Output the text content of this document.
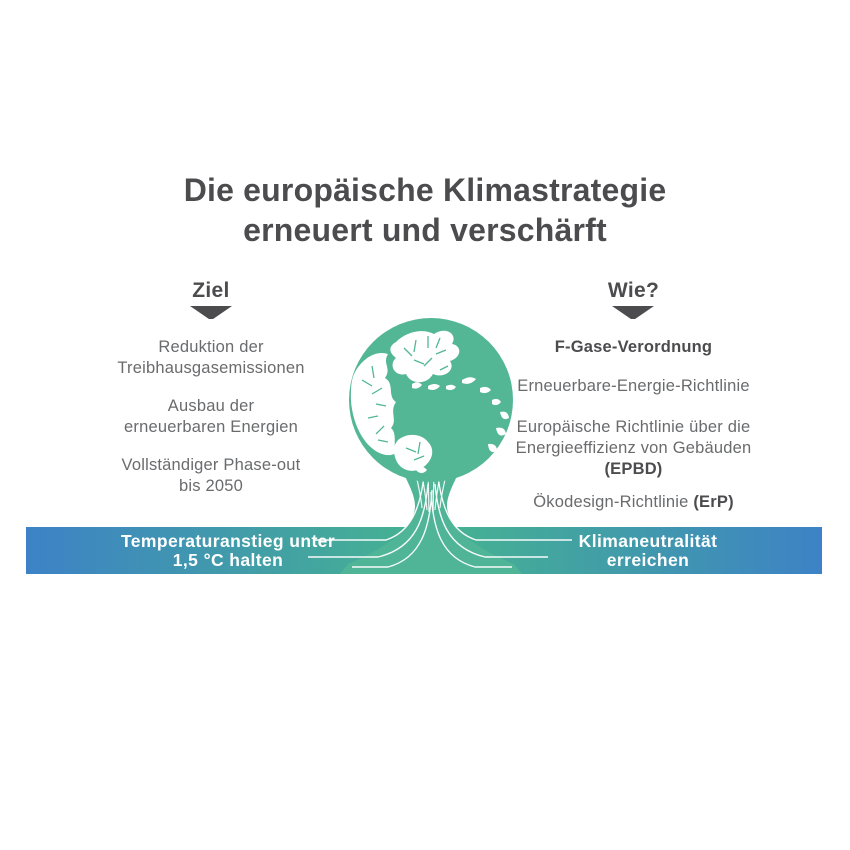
Die europäische Klimastrategie
erneuert und verschärft
Ziel
Reduktion der
Treibhausgasemissionen
Ausbau der
erneuerbaren Energien
Vollständiger Phase-out
bis 2050
Wie?
F-Gase-Verordnung
Erneuerbare-Energie-Richtlinie
Europäische Richtlinie über die
Energieeffizienz von Gebäuden
(EPBD)
Ökodesign-Richtlinie (ErP)
Temperaturanstieg unter
1,5 °C halten
Klimaneutralität
erreichen
